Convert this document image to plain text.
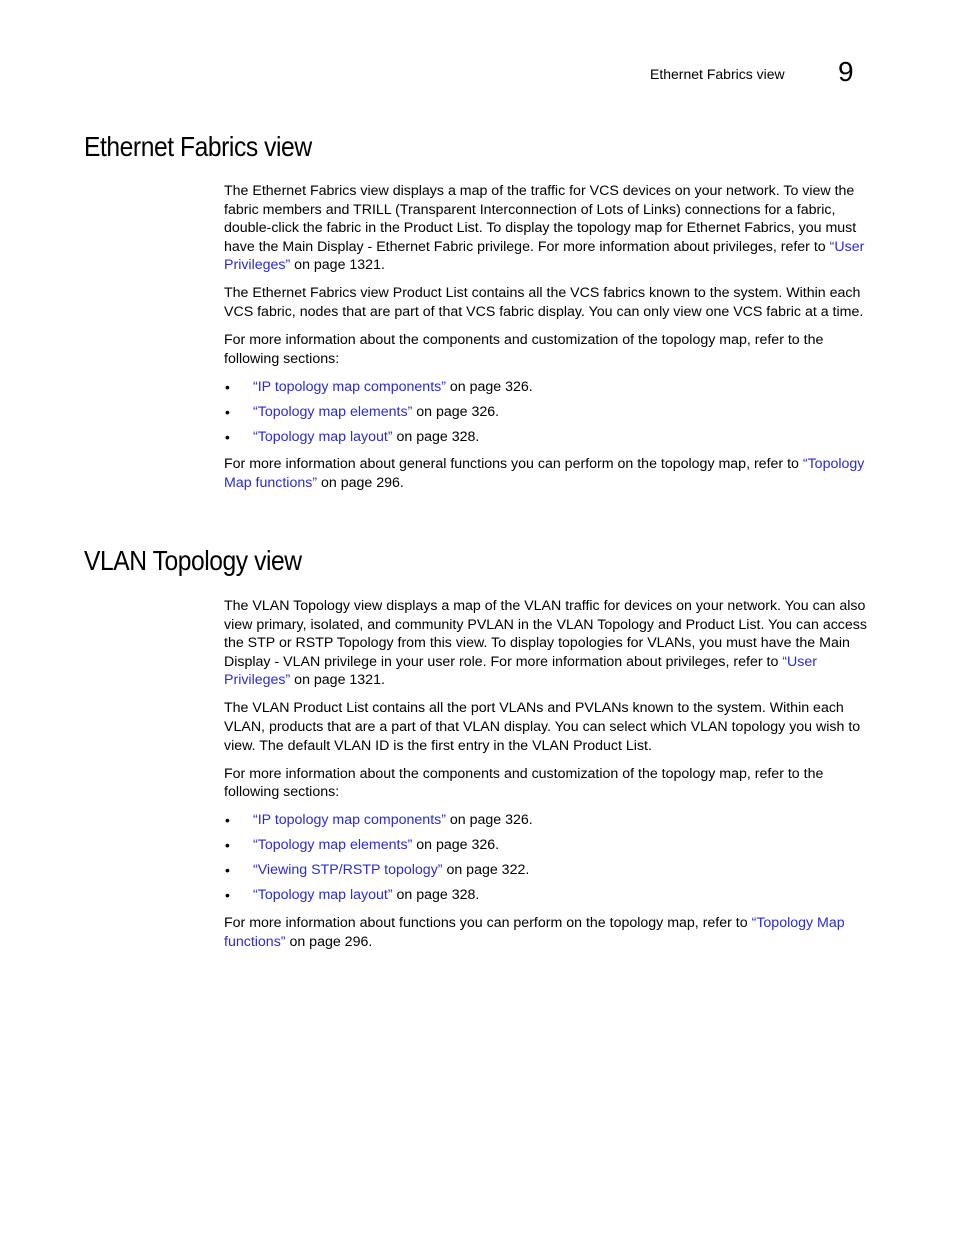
Ethernet Fabrics view 9
Ethernet Fabrics view

The Ethernet Fabrics view displays a map of the traffic for VCS devices on your network. To view the fabric members and TRILL (Transparent Interconnection of Lots of Links) connections for a fabric, double-click the fabric in the Product List. To display the topology map for Ethernet Fabrics, you must have the Main Display - Ethernet Fabric privilege. For more information about privileges, refer to “User Privileges” on page 1321.

The Ethernet Fabrics view Product List contains all the VCS fabrics known to the system. Within each VCS fabric, nodes that are part of that VCS fabric display. You can only view one VCS fabric at a time.

For more information about the components and customization of the topology map, refer to the following sections:

• “IP topology map components” on page 326.
• “Topology map elements” on page 326.
• “Topology map layout” on page 328.

For more information about general functions you can perform on the topology map, refer to “Topology Map functions” on page 296.

VLAN Topology view

The VLAN Topology view displays a map of the VLAN traffic for devices on your network. You can also view primary, isolated, and community PVLAN in the VLAN Topology and Product List. You can access the STP or RSTP Topology from this view. To display topologies for VLANs, you must have the Main Display - VLAN privilege in your user role. For more information about privileges, refer to “User Privileges” on page 1321.

The VLAN Product List contains all the port VLANs and PVLANs known to the system. Within each VLAN, products that are a part of that VLAN display. You can select which VLAN topology you wish to view. The default VLAN ID is the first entry in the VLAN Product List.

For more information about the components and customization of the topology map, refer to the following sections:

• “IP topology map components” on page 326.
• “Topology map elements” on page 326.
• “Viewing STP/RSTP topology” on page 322.
• “Topology map layout” on page 328.

For more information about functions you can perform on the topology map, refer to “Topology Map functions” on page 296.
